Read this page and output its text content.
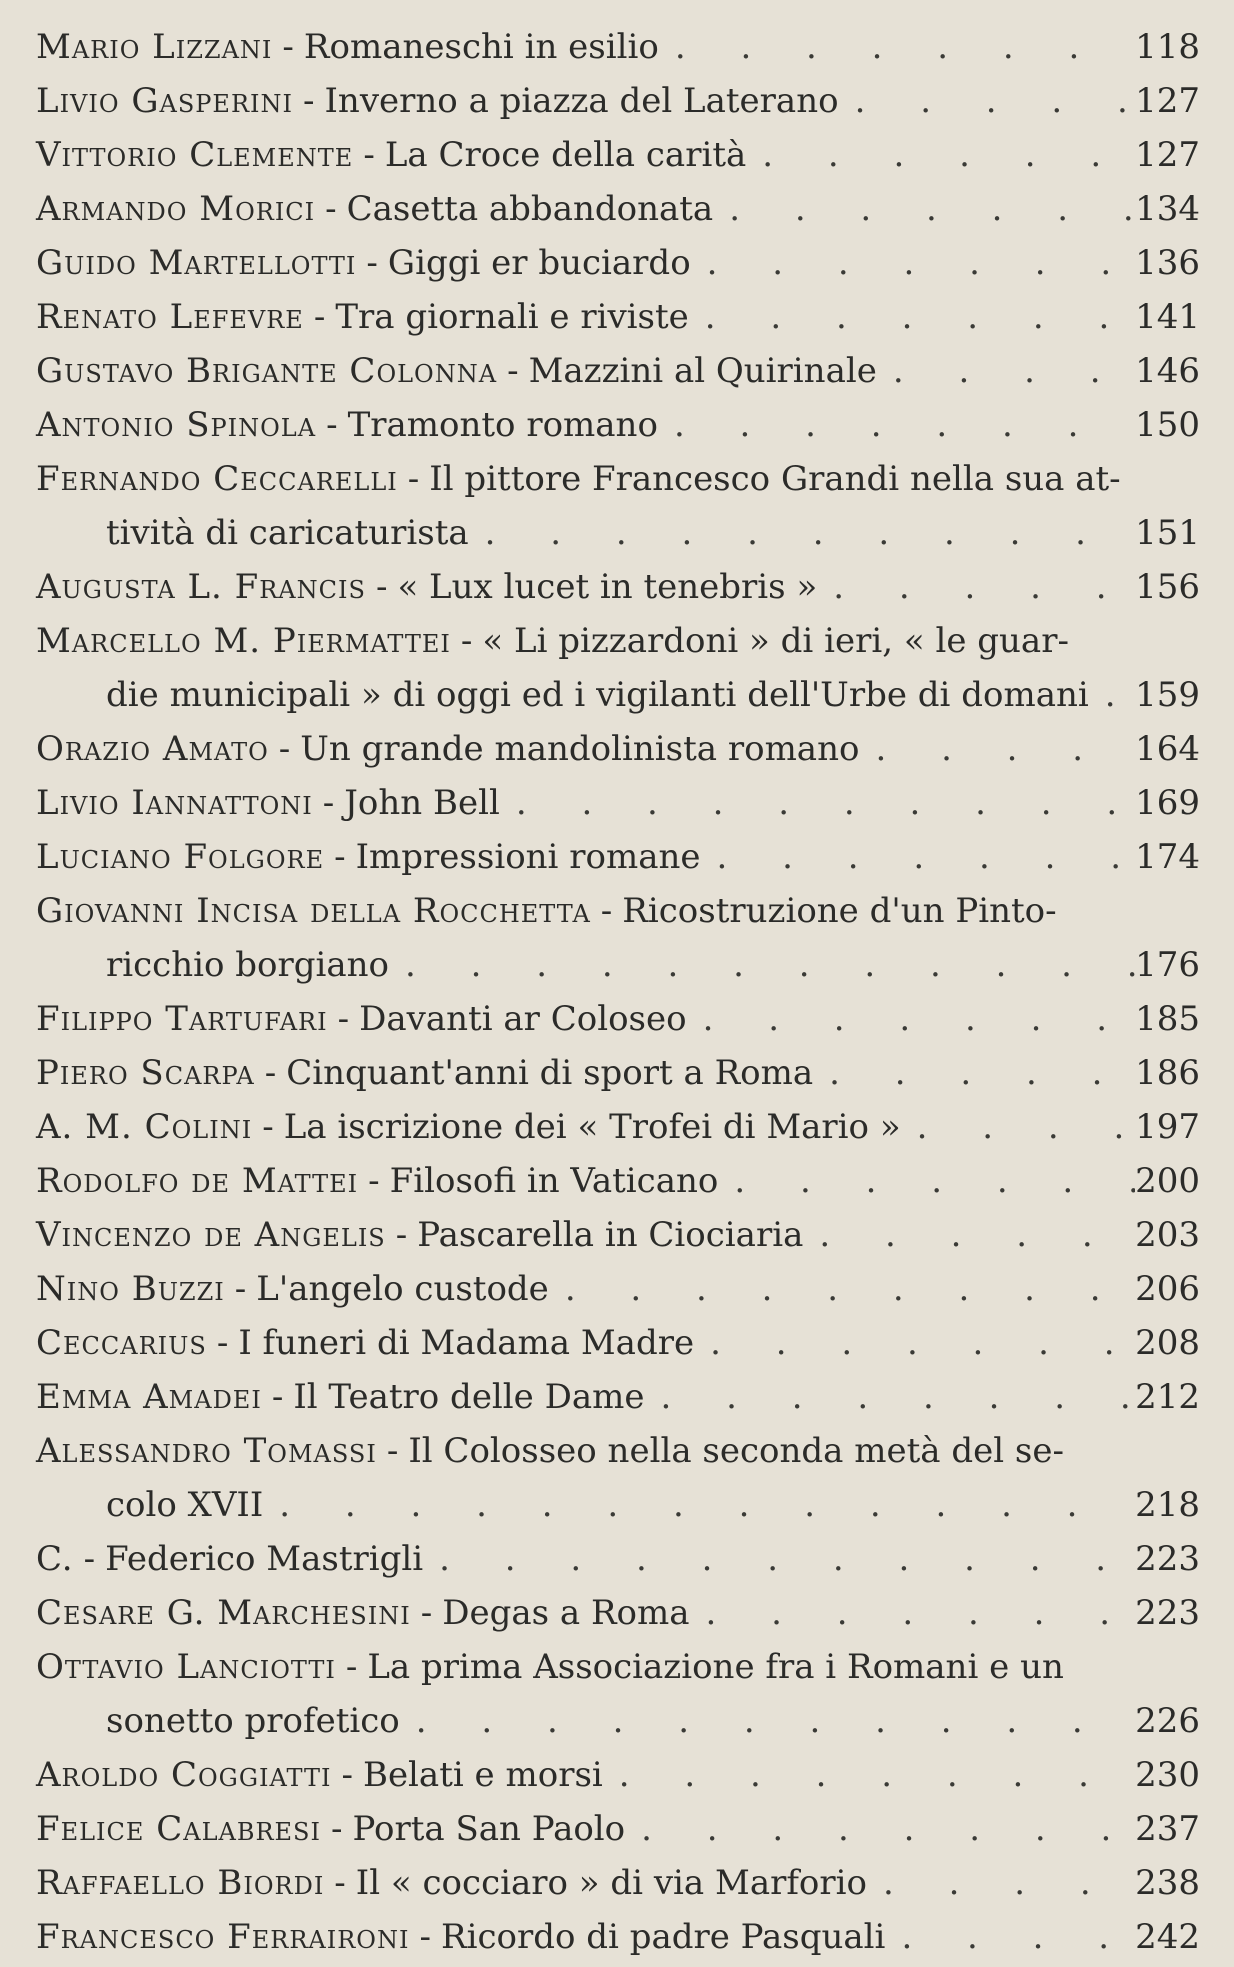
Mario Lizzani - Romaneschi in esilio . . .	118
Livio Gasperini - Inverno a piazza del Laterano . . .	127
Vittorio Clemente - La Croce della carità . . .	127
Armando Morici - Casetta abbandonata . . .	134
Guido Martellotti - Giggi er buciardo . . .	136
Renato Lefevre - Tra giornali e riviste . . .	141
Gustavo Brigante Colonna - Mazzini al Quirinale . . .	146
Antonio Spinola - Tramonto romano . . .	150
Fernando Ceccarelli - Il pittore Francesco Grandi nella sua at-
tività di caricaturista . . .	151
Augusta L. Francis - « Lux lucet in tenebris » . . .	156
Marcello M. Piermattei - « Li pizzardoni » di ieri, « le guar-
die municipali » di oggi ed i vigilanti dell'Urbe di domani . . . 159
Orazio Amato - Un grande mandolinista romano . . .	164
Livio Iannattoni - John Bell . . .	169
Luciano Folgore - Impressioni romane . . .	174
Giovanni Incisa della Rocchetta - Ricostruzione d'un Pinto-
ricchio borgiano . . .	176
Filippo Tartufari - Davanti ar Coloseo . . .	185
Piero Scarpa - Cinquant'anni di sport a Roma . . .	186
A. M. Colini - La iscrizione dei « Trofei di Mario » . . .	197
Rodolfo de Mattei - Filosofi in Vaticano . . .	200
Vincenzo de Angelis - Pascarella in Ciociaria . . .	203
Nino Buzzi - L'angelo custode . . .	206
Ceccarius - I funeri di Madama Madre . . .	208
Emma Amadei - Il Teatro delle Dame . . .	212
Alessandro Tomassi - Il Colosseo nella seconda metà del se-
colo XVII . . .	218
C. - Federico Mastrigli . . .	223
Cesare G. Marchesini - Degas a Roma . . .	223
Ottavio Lanciotti - La prima Associazione fra i Romani e un
sonetto profetico . . .	226
Aroldo Coggiatti - Belati e morsi . . .	230
Felice Calabresi - Porta San Paolo . . .	237
Raffaello Biordi - Il « cocciaro » di via Marforio . . .	238
Francesco Ferraironi - Ricordo di padre Pasquali . . .	242
